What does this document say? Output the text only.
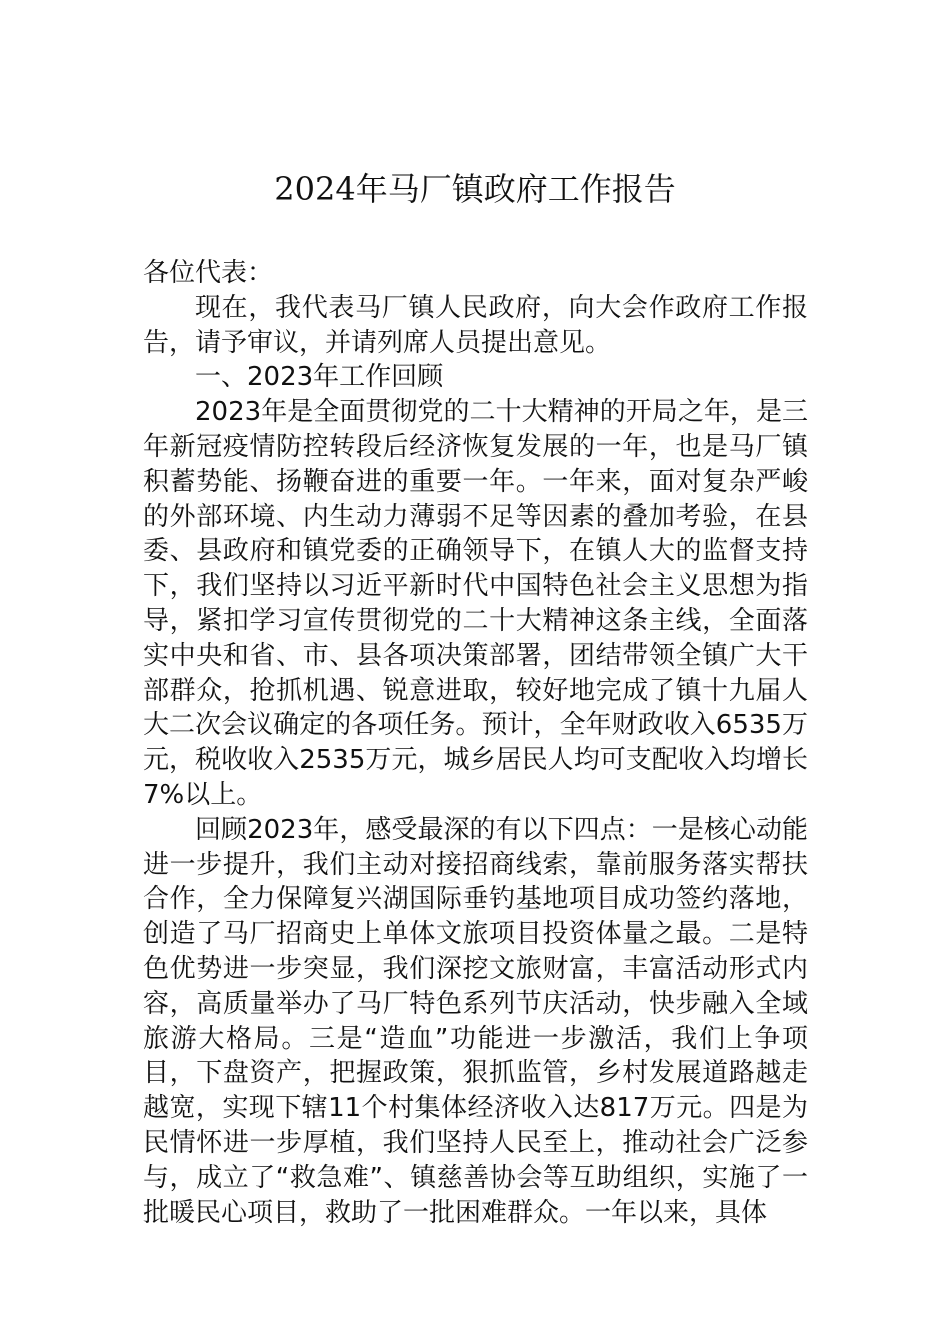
2024年马厂镇政府工作报告

各位代表：

现在，我代表马厂镇人民政府，向大会作政府工作报告，请予审议，并请列席人员提出意见。

一、2023年工作回顾

2023年是全面贯彻党的二十大精神的开局之年，是三年新冠疫情防控转段后经济恢复发展的一年，也是马厂镇积蓄势能、扬鞭奋进的重要一年。一年来，面对复杂严峻的外部环境、内生动力薄弱不足等因素的叠加考验，在县委、县政府和镇党委的正确领导下，在镇人大的监督支持下，我们坚持以习近平新时代中国特色社会主义思想为指导，紧扣学习宣传贯彻党的二十大精神这条主线，全面落实中央和省、市、县各项决策部署，团结带领全镇广大干部群众，抢抓机遇、锐意进取，较好地完成了镇十九届人大二次会议确定的各项任务。预计，全年财政收入6535万元，税收收入2535万元，城乡居民人均可支配收入均增长7%以上。

回顾2023年，感受最深的有以下四点：一是核心动能进一步提升，我们主动对接招商线索，靠前服务落实帮扶合作，全力保障复兴湖国际垂钓基地项目成功签约落地，创造了马厂招商史上单体文旅项目投资体量之最。二是特色优势进一步突显，我们深挖文旅财富，丰富活动形式内容，高质量举办了马厂特色系列节庆活动，快步融入全域旅游大格局。三是“造血”功能进一步激活，我们上争项目，下盘资产，把握政策，狠抓监管，乡村发展道路越走越宽，实现下辖11个村集体经济收入达817万元。四是为民情怀进一步厚植，我们坚持人民至上，推动社会广泛参与，成立了“救急难”、镇慈善协会等互助组织，实施了一批暖民心项目，救助了一批困难群众。一年以来，具体
